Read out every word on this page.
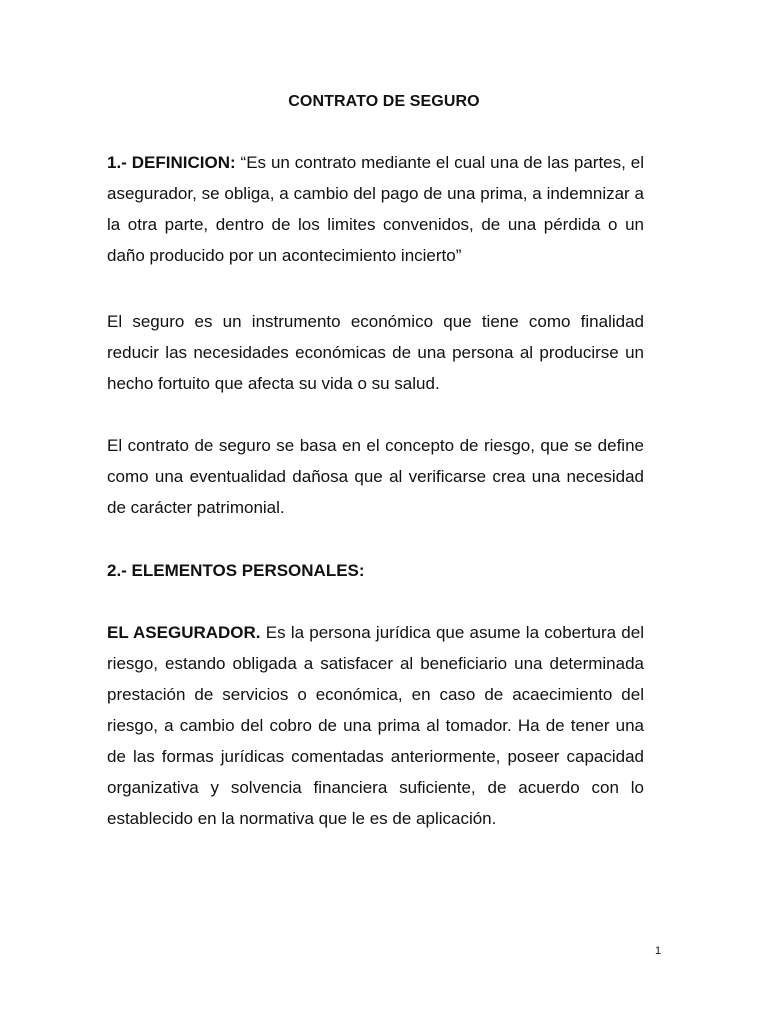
CONTRATO DE SEGURO
1.- DEFINICION: “Es un contrato mediante el cual una de las partes, el asegurador, se obliga, a cambio del pago de una prima, a indemnizar a la otra parte, dentro de los limites convenidos, de una pérdida o un daño producido por un acontecimiento incierto”
El seguro es un instrumento económico que tiene como finalidad reducir las necesidades económicas de una persona al producirse un hecho fortuito que afecta su vida o su salud.
El contrato de seguro se basa en el concepto de riesgo, que se define como una eventualidad dañosa que al verificarse crea una necesidad de carácter patrimonial.
2.- ELEMENTOS PERSONALES:
EL ASEGURADOR. Es la persona jurídica que asume la cobertura del riesgo, estando obligada a satisfacer al beneficiario una determinada prestación de servicios o económica, en caso de acaecimiento del riesgo, a cambio del cobro de una prima al tomador. Ha de tener una de las formas jurídicas comentadas anteriormente, poseer capacidad organizativa y solvencia financiera suficiente, de acuerdo con lo establecido en la normativa que le es de aplicación.
1
